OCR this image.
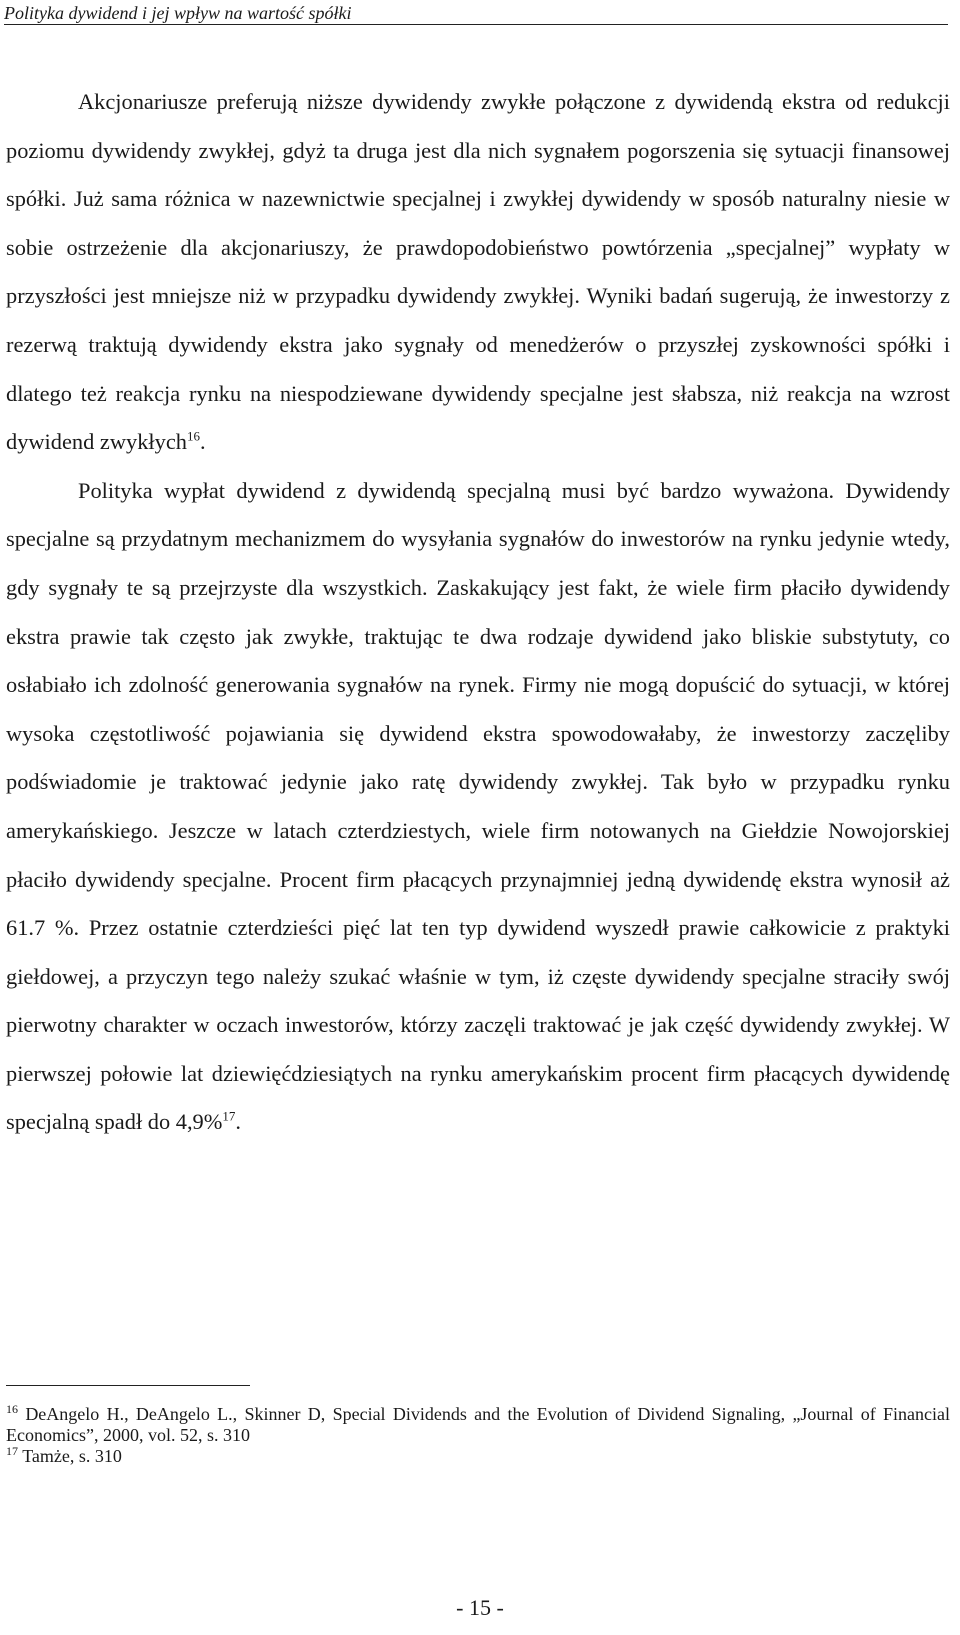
Polityka dywidend i jej wpływ na wartość spółki

Akcjonariusze preferują niższe dywidendy zwykłe połączone z dywidendą ekstra od redukcji poziomu dywidendy zwykłej, gdyż ta druga jest dla nich sygnałem pogorszenia się sytuacji finansowej spółki. Już sama różnica w nazewnictwie specjalnej i zwykłej dywidendy w sposób naturalny niesie w sobie ostrzeżenie dla akcjonariuszy, że prawdopodobieństwo powtórzenia „specjalnej” wypłaty w przyszłości jest mniejsze niż w przypadku dywidendy zwykłej. Wyniki badań sugerują, że inwestorzy z rezerwą traktują dywidendy ekstra jako sygnały od menedżerów o przyszłej zyskowności spółki i dlatego też reakcja rynku na niespodziewane dywidendy specjalne jest słabsza, niż reakcja na wzrost dywidend zwykłych$^{16}$.

Polityka wypłat dywidend z dywidendą specjalną musi być bardzo wyważona. Dywidendy specjalne są przydatnym mechanizmem do wysyłania sygnałów do inwestorów na rynku jedynie wtedy, gdy sygnały te są przejrzyste dla wszystkich. Zaskakujący jest fakt, że wiele firm płaciło dywidendy ekstra prawie tak często jak zwykłe, traktując te dwa rodzaje dywidend jako bliskie substytuty, co osłabiało ich zdolność generowania sygnałów na rynek. Firmy nie mogą dopuścić do sytuacji, w której wysoka częstotliwość pojawiania się dywidend ekstra spowodowałaby, że inwestorzy zaczęliby podświadomie je traktować jedynie jako ratę dywidendy zwykłej. Tak było w przypadku rynku amerykańskiego. Jeszcze w latach czterdziestych, wiele firm notowanych na Giełdzie Nowojorskiej płaciło dywidendy specjalne. Procent firm płacących przynajmniej jedną dywidendę ekstra wynosił aż 61.7 %. Przez ostatnie czterdzieści pięć lat ten typ dywidend wyszedł prawie całkowicie z praktyki giełdowej, a przyczyn tego należy szukać właśnie w tym, iż częste dywidendy specjalne straciły swój pierwotny charakter w oczach inwestorów, którzy zaczęli traktować je jak część dywidendy zwykłej. W pierwszej połowie lat dziewięćdziesiątych na rynku amerykańskim procent firm płacących dywidendę specjalną spadł do 4,9%$^{17}$.

$^{16}$ DeAngelo H., DeAngelo L., Skinner D, Special Dividends and the Evolution of Dividend Signaling, „Journal of Financial Economics”, 2000, vol. 52, s. 310

$^{17}$ Tamże, s. 310

- 15 -
